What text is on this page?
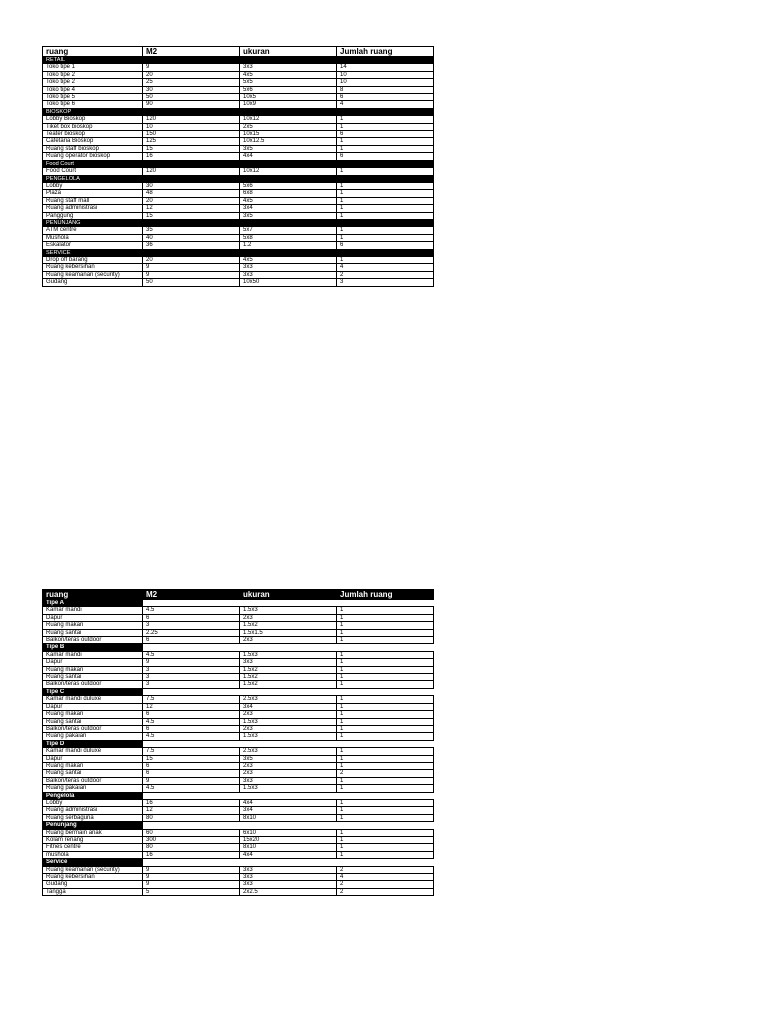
ruang	M2	ukuran	Jumlah ruang
RETAIL			
Toko tipe 1	9	3x3	14
Toko tipe 2	20	4x5	10
Toko tipe 2	25	5x5	10
Toko tipe 4	30	5x6	8
Toko tipe 5	50	10x5	6
Toko tipe 6	90	10x9	4
BIOSKOP			
Lobby Bioskop	120	10x12	1
Tiket box bioskop	10	2x5	1
Teater bioskop	150	10x15	6
Cafetaria Bioskop	125	10x12.5	1
Ruang staff bioskop	15	3x5	1
Ruang operator bioskop	16	4x4	6
Food Court			
Food Court	120	10x12	1
PENGELOLA			
Lobby	30	5x6	1
Plaza	48	6x8	1
Ruang staff mall	20	4x5	1
Ruang administrasi	12	3x4	1
Panggung	15	3x5	1
PENUNJANG			
ATM centre	35	5x7	1
Mushola	40	5x8	1
Eskalator	36	1.2	6
SERVICE			
Drop off barang	20	4x5	1
Ruang kebersihan	9	3x3	4
Ruang keamanan (security)	9	3x3	2
Gudang	50	10x50	3
ruang	M2	ukuran	Jumlah ruang
Tipe A			
Kamar mandi	4.5	1.5x3	1
Dapur	6	2x3	1
Ruang makan	3	1.5x2	1
Ruang santai	2.25	1.5x1.5	1
Balkon/teras outdoor	6	2x3	1
Tipe B			
Kamar mandi	4.5	1.5x3	1
Dapur	9	3x3	1
Ruang makan	3	1.5x2	1
Ruang santai	3	1.5x2	1
Balkon/teras outdoor	3	1.5x2	1
Tipe C			
Kamar mandi duluxe	7.5	2.5x3	1
Dapur	12	3x4	1
Ruang makan	6	2x3	1
Ruang santai	4.5	1.5x3	1
Balkon/teras outdoor	6	2x3	1
Ruang pakaian	4.5	1.5x3	1
Tipe D			
Kamar mandi duluxe	7.5	2.5x3	1
Dapur	15	3x5	1
Ruang makan	6	2x3	1
Ruang santai	6	2x3	2
Balkon/teras outdoor	9	3x3	1
Ruang pakaian	4.5	1.5x3	1
Pengelola			
Lobby	16	4x4	1
Ruang administrasi	12	3x4	1
Ruang serbaguna	80	8x10	1
Penunjang			
Ruang bermain anak	60	6x10	1
Kolam renang	300	15x20	1
Fitnes centre	80	8x10	1
mushola	16	4x4	1
Service			
Ruang keamanan (security)	9	3x3	2
Ruang kebersihan	9	3x3	4
Gudang	9	3x3	2
Tangga	5	2x2.5	2
